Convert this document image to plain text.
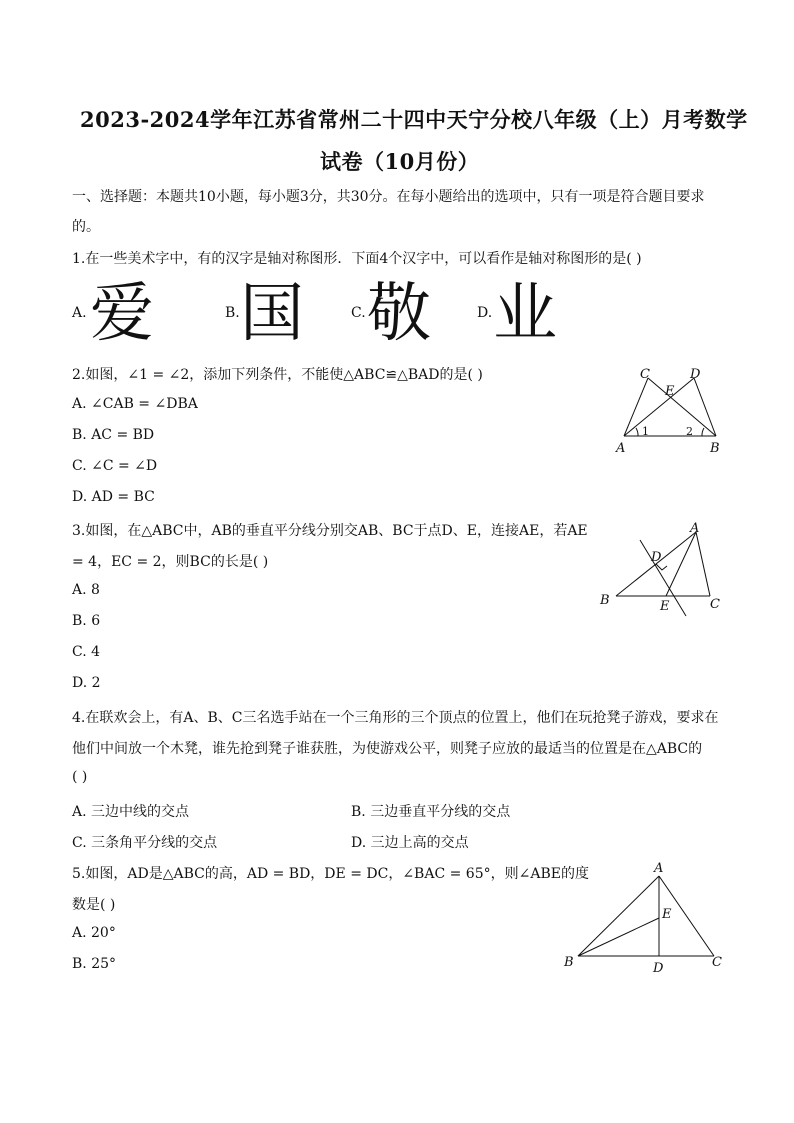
2023-2024学年江苏省常州二十四中天宁分校八年级（上）月考数学
试卷（10月份）
一、选择题：本题共10小题，每小题3分，共30分。在每小题给出的选项中，只有一项是符合题目要求
的。
1.在一些美术字中，有的汉字是轴对称图形．下面4个汉字中，可以看作是轴对称图形的是( )
A. 爱	B. 国	C. 敬	D. 业
2.如图，∠1 = ∠2，添加下列条件，不能使△ABC≌△BAD的是( )
A. ∠CAB = ∠DBA
B. AC = BD
C. ∠C = ∠D
D. AD = BC
C	D
E
A	B
1	2
3.如图，在△ABC中，AB的垂直平分线分别交AB、BC于点D、E，连接AE，若AE
= 4，EC = 2，则BC的长是( )
A. 8
B. 6
C. 4
D. 2
A
D
B	E	C
4.在联欢会上，有A、B、C三名选手站在一个三角形的三个顶点的位置上，他们在玩抢凳子游戏，要求在
他们中间放一个木凳，谁先抢到凳子谁获胜，为使游戏公平，则凳子应放的最适当的位置是在△ABC的
( )
A. 三边中线的交点	B. 三边垂直平分线的交点
C. 三条角平分线的交点	D. 三边上高的交点
5.如图，AD是△ABC的高，AD = BD，DE = DC，∠BAC = 65°，则∠ABE的度
数是( )
A. 20°
B. 25°
A
E
B	D	C
